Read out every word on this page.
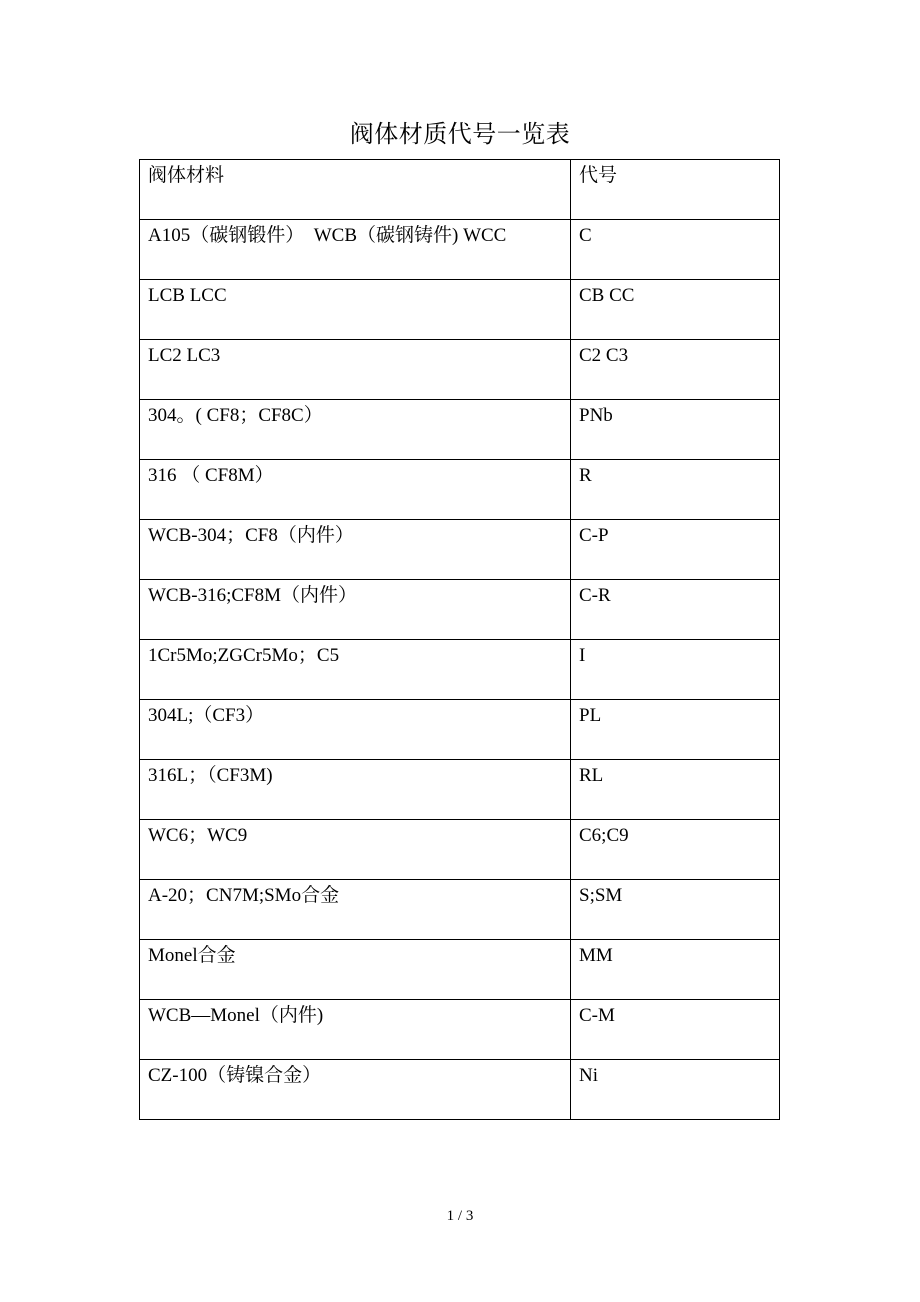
阀体材质代号一览表
阀体材料	代号
A105（碳钢锻件）　WCB（碳钢铸件) WCC	C
LCB LCC	CB CC
LC2 LC3	C2 C3
304。( CF8；CF8C）	PNb
316 （ CF8M）	R
WCB-304；CF8（内件）	C-P
WCB-316;CF8M（内件）	C-R
1Cr5Mo;ZGCr5Mo；C5	I
304L;（CF3）	PL
316L；（CF3M)	RL
WC6；WC9	C6;C9
A-20；CN7M;SMo合金	S;SM
Monel合金	MM
WCB—Monel（内件)	C-M
CZ-100（铸镍合金）	Ni
1 / 3
